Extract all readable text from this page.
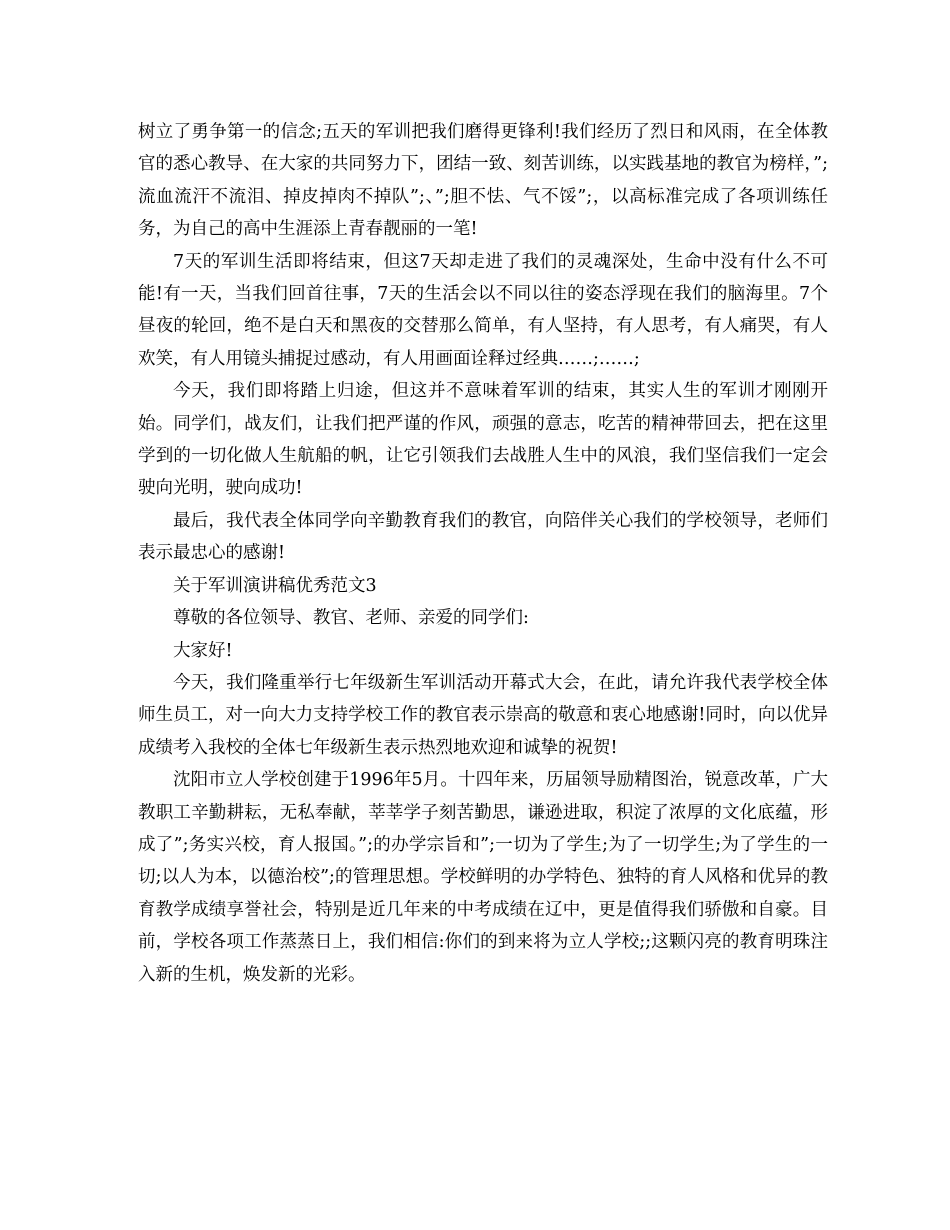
树立了勇争第一的信念;五天的军训把我们磨得更锋利!我们经历了烈日和风雨，在全体教官的悉心教导、在大家的共同努力下，团结一致、刻苦训练，以实践基地的教官为榜样，”;流血流汗不流泪、掉皮掉肉不掉队”;、”;胆不怯、气不馁”;，以高标准完成了各项训练任务，为自己的高中生涯添上青春靓丽的一笔!

7天的军训生活即将结束，但这7天却走进了我们的灵魂深处，生命中没有什么不可能!有一天，当我们回首往事，7天的生活会以不同以往的姿态浮现在我们的脑海里。7个昼夜的轮回，绝不是白天和黑夜的交替那么简单，有人坚持，有人思考，有人痛哭，有人欢笑，有人用镜头捕捉过感动，有人用画面诠释过经典……;……;

今天，我们即将踏上归途，但这并不意味着军训的结束，其实人生的军训才刚刚开始。同学们，战友们，让我们把严谨的作风，顽强的意志，吃苦的精神带回去，把在这里学到的一切化做人生航船的帆，让它引领我们去战胜人生中的风浪，我们坚信我们一定会驶向光明，驶向成功!

最后，我代表全体同学向辛勤教育我们的教官，向陪伴关心我们的学校领导，老师们表示最忠心的感谢!

关于军训演讲稿优秀范文3

尊敬的各位领导、教官、老师、亲爱的同学们:

大家好!

今天，我们隆重举行七年级新生军训活动开幕式大会，在此，请允许我代表学校全体师生员工，对一向大力支持学校工作的教官表示崇高的敬意和衷心地感谢!同时，向以优异成绩考入我校的全体七年级新生表示热烈地欢迎和诚挚的祝贺!

沈阳市立人学校创建于1996年5月。十四年来，历届领导励精图治，锐意改革，广大教职工辛勤耕耘，无私奉献，莘莘学子刻苦勤思，谦逊进取，积淀了浓厚的文化底蕴，形成了”;务实兴校，育人报国。”;的办学宗旨和”;一切为了学生;为了一切学生;为了学生的一切;以人为本，以德治校”;的管理思想。学校鲜明的办学特色、独特的育人风格和优异的教育教学成绩享誉社会，特别是近几年来的中考成绩在辽中，更是值得我们骄傲和自豪。目前，学校各项工作蒸蒸日上，我们相信:你们的到来将为立人学校;;这颗闪亮的教育明珠注入新的生机，焕发新的光彩。
